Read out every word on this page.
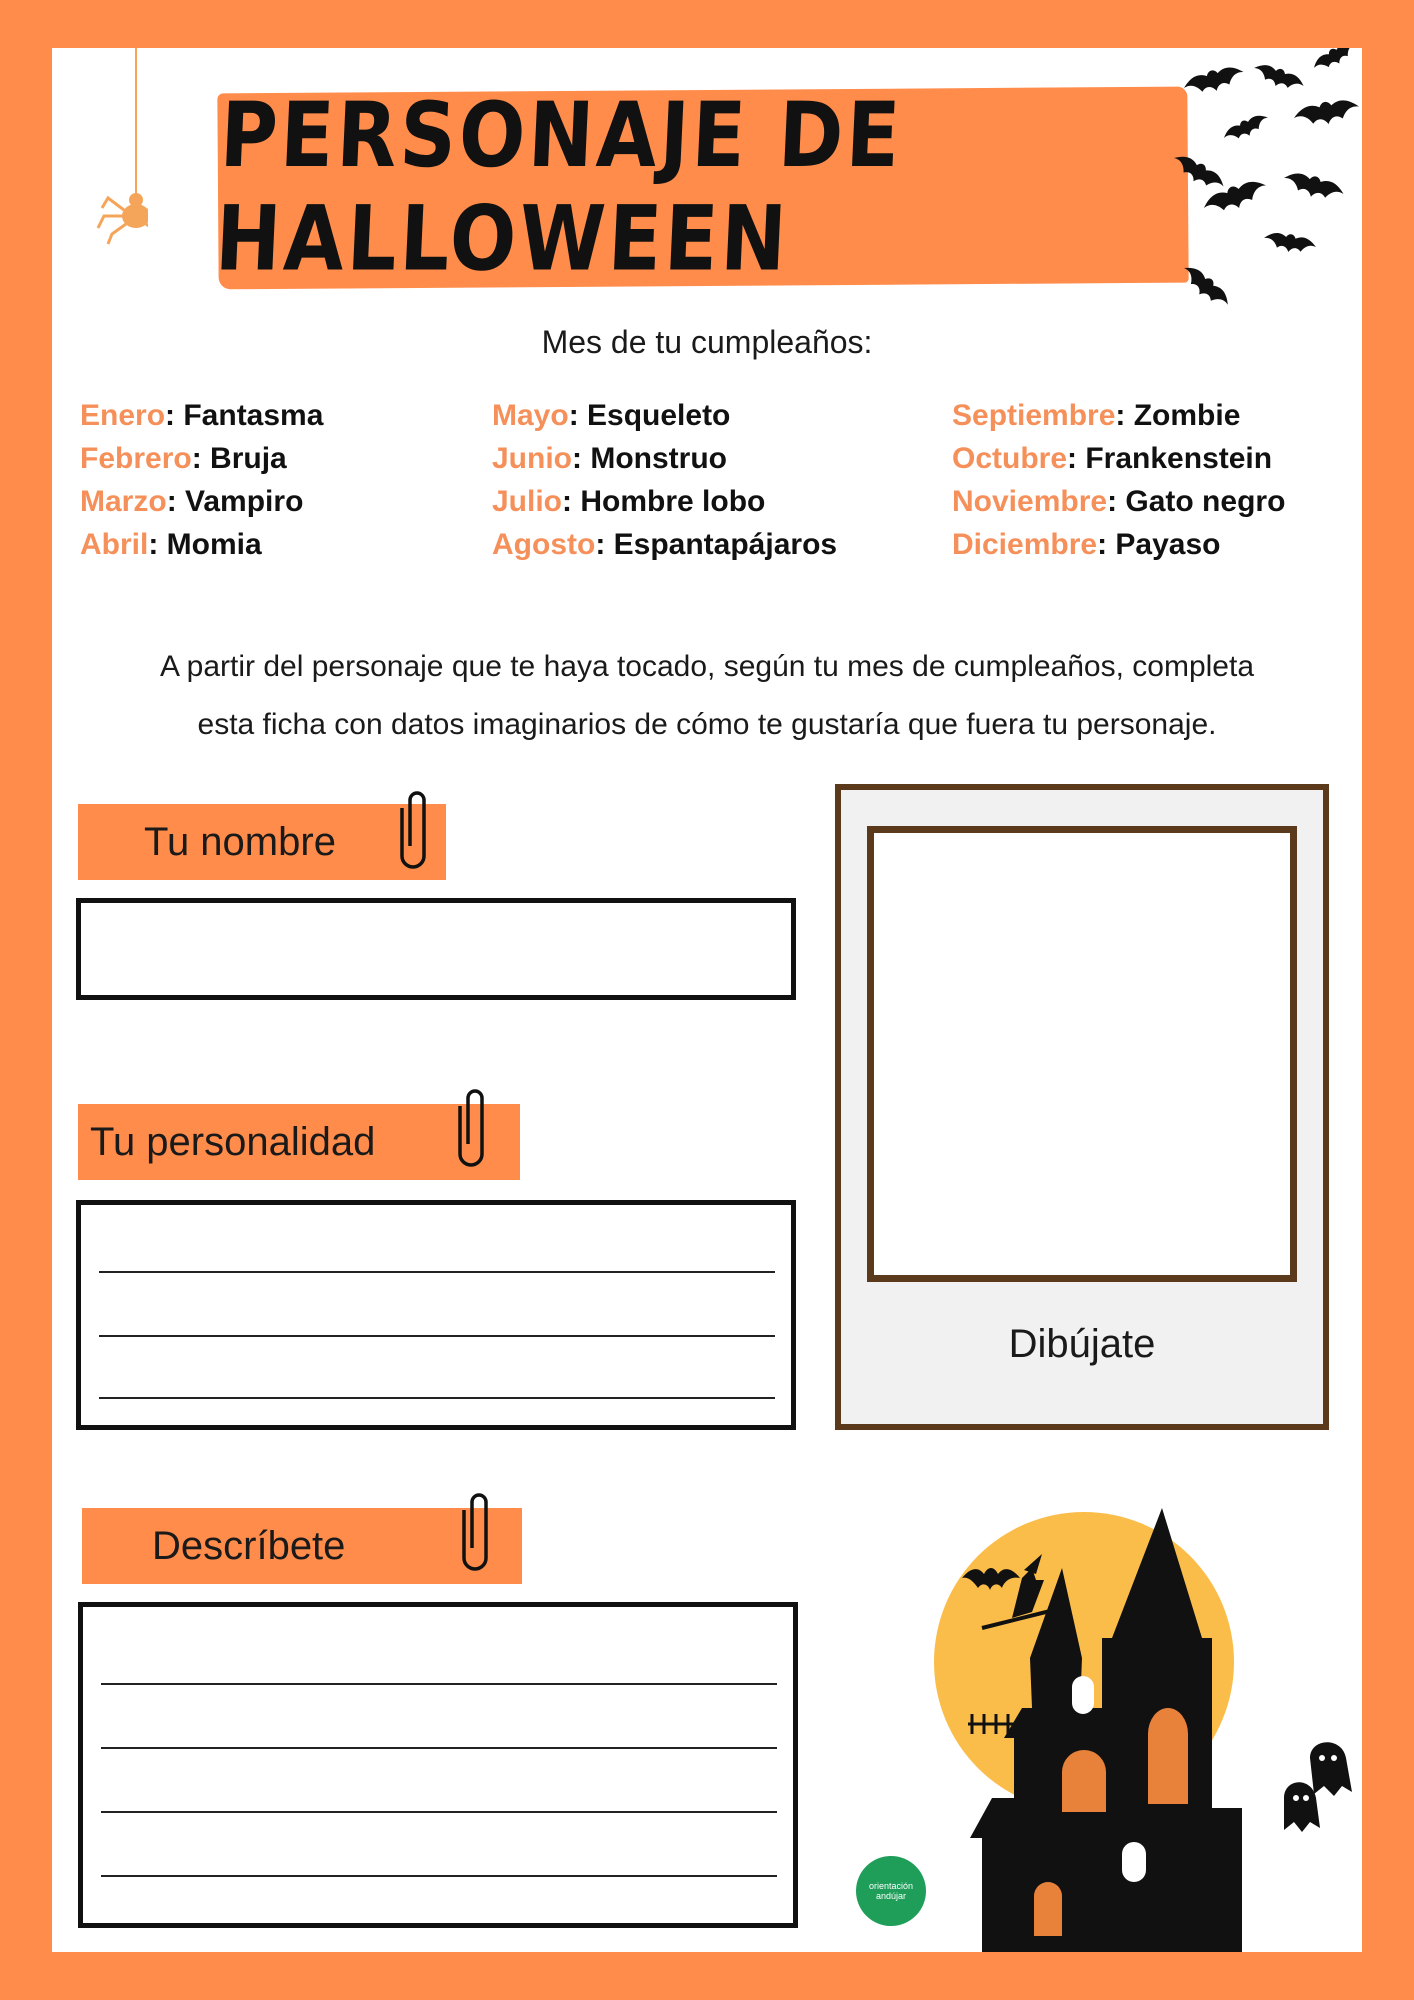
PERSONAJE DE HALLOWEEN
Mes de tu cumpleaños:
Enero: Fantasma
Febrero: Bruja
Marzo: Vampiro
Abril: Momia
Mayo: Esqueleto
Junio: Monstruo
Julio: Hombre lobo
Agosto: Espantapájaros
Septiembre: Zombie
Octubre: Frankenstein
Noviembre: Gato negro
Diciembre: Payaso
A partir del personaje que te haya tocado, según tu mes de cumpleaños, completa
esta ficha con datos imaginarios de cómo te gustaría que fuera tu personaje.
Tu nombre
Tu personalidad
Descríbete
Dibújate
orientación andújar
